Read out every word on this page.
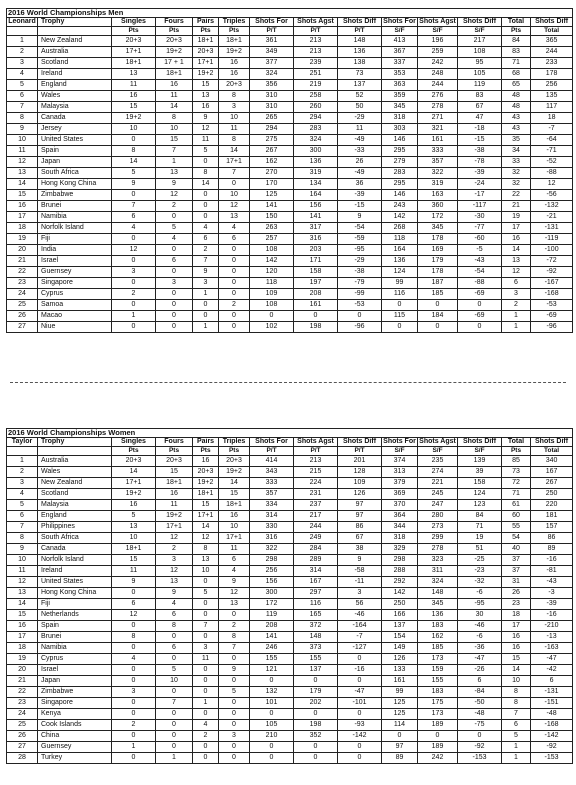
2016 World Championships Men													
Leonard	Trophy	Singles	Fours	Pairs	Triples	Shots For	Shots Agst	Shots Diff	Shots For	Shots Agst	Shots Diff	Total	Shots Diff
		Pts	Pts	Pts	Pts	P/T	P/T	P/T	S/F	S/F	S/F	Pts	Total
1	New Zealand	20+3	20+3	18+1	18+1	361	213	148	413	196	217	84	365
2	Australia	17+1	19+2	20+3	19+2	349	213	136	367	259	108	83	244
3	Scotland	18+1	17 + 1	17+1	16	377	239	138	337	242	95	71	233
4	Ireland	13	18+1	19+2	16	324	251	73	353	248	105	68	178
5	England	11	16	15	20+3	356	219	137	363	244	119	65	256
6	Wales	16	11	13	8	310	258	52	359	276	83	48	135
7	Malaysia	15	14	16	3	310	260	50	345	278	67	48	117
8	Canada	19+2	8	9	10	265	294	-29	318	271	47	43	18
9	Jersey	10	10	12	11	294	283	11	303	321	-18	43	-7
10	United States	0	15	11	8	275	324	-49	146	161	-15	35	-64
11	Spain	8	7	5	14	267	300	-33	295	333	-38	34	-71
12	Japan	14	1	0	17+1	162	136	26	279	357	-78	33	-52
13	South Africa	5	13	8	7	270	319	-49	283	322	-39	32	-88
14	Hong Kong China	9	9	14	0	170	134	36	295	319	-24	32	12
15	Zimbabwe	0	12	0	10	125	164	-39	146	163	-17	22	-56
16	Brunei	7	2	0	12	141	156	-15	243	360	-117	21	-132
17	Namibia	6	0	0	13	150	141	9	142	172	-30	19	-21
18	Norfolk Island	4	5	4	4	263	317	-54	268	345	-77	17	-131
19	Fiji	0	4	6	6	257	316	-59	118	178	-60	16	-119
20	India	12	0	2	0	108	203	-95	164	169	-5	14	-100
21	Israel	0	6	7	0	142	171	-29	136	179	-43	13	-72
22	Guernsey	3	0	9	0	120	158	-38	124	178	-54	12	-92
23	Singapore	0	3	3	0	118	197	-79	99	187	-88	6	-167
24	Cyprus	2	0	1	0	109	208	-99	116	185	-69	3	-168
25	Samoa	0	0	0	2	108	161	-53	0	0	0	2	-53
26	Macao	1	0	0	0	0	0	0	115	184	-69	1	-69
27	Niue	0	0	1	0	102	198	-96	0	0	0	1	-96
2016 World Championships Women													
Taylor	Trophy	Singles	Fours	Pairs	Triples	Shots For	Shots Agst	Shots Diff	Shots For	Shots Agst	Shots Diff	Total	Shots Diff
		Pts	Pts	Pts	Pts	P/T	P/T	P/T	S/F	S/F	S/F	Pts	Total
1	Australia	20+3	20+3	16	20+3	414	213	201	374	235	139	85	340
2	Wales	14	15	20+3	19+2	343	215	128	313	274	39	73	167
3	New Zealand	17+1	18+1	19+2	14	333	224	109	379	221	158	72	267
4	Scotland	19+2	16	18+1	15	357	231	126	369	245	124	71	250
5	Malaysia	16	11	15	18+1	334	237	97	370	247	123	61	220
6	England	5	19+2	17+1	16	314	217	97	364	280	84	60	181
7	Philippines	13	17+1	14	10	330	244	86	344	273	71	55	157
8	South Africa	10	12	12	17+1	316	249	67	318	299	19	54	86
9	Canada	18+1	2	8	11	322	284	38	329	278	51	40	89
10	Norfolk Island	15	3	13	6	298	289	9	298	323	-25	37	-16
11	Ireland	11	12	10	4	256	314	-58	288	311	-23	37	-81
12	United States	9	13	0	9	156	167	-11	292	324	-32	31	-43
13	Hong Kong China	0	9	5	12	300	297	3	142	148	-6	26	-3
14	Fiji	6	4	0	13	172	116	56	250	345	-95	23	-39
15	Netherlands	12	6	0	0	119	165	-46	166	136	30	18	-16
16	Spain	0	8	7	2	208	372	-164	137	183	-46	17	-210
17	Brunei	8	0	0	8	141	148	-7	154	162	-6	16	-13
18	Namibia	0	6	3	7	246	373	-127	149	185	-36	16	-163
19	Cyprus	4	0	11	0	155	155	0	126	173	-47	15	-47
20	Israel	0	5	0	9	121	137	-16	133	159	-26	14	-42
21	Japan	0	10	0	0	0	0	0	161	155	6	10	6
22	Zimbabwe	3	0	0	5	132	179	-47	99	183	-84	8	-131
23	Singapore	0	7	1	0	101	202	-101	125	175	-50	8	-151
24	Kenya	0	0	0	0	0	0	0	125	173	-48	7	-48
25	Cook Islands	2	0	4	0	105	198	-93	114	189	-75	6	-168
26	China	0	0	2	3	210	352	-142	0	0	0	5	-142
27	Guernsey	1	0	0	0	0	0	0	97	189	-92	1	-92
28	Turkey	0	1	0	0	0	0	0	89	242	-153	1	-153
